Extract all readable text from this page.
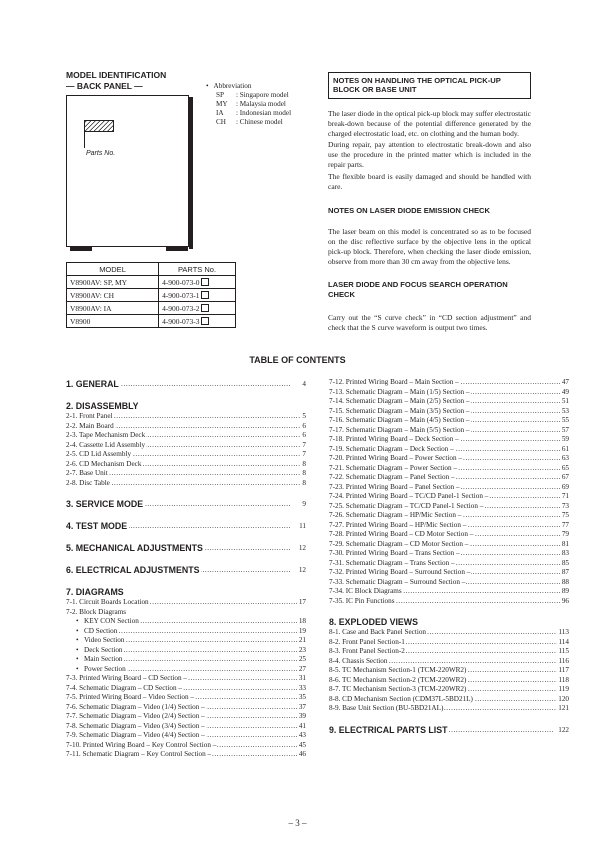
MODEL IDENTIFICATION
— BACK PANEL —
Parts No.
• Abbreviation
SP : Singapore model
MY : Malaysia model
IA : Indonesian model
CH : Chinese model
MODEL	PARTS No.
V8900AV: SP, MY	4-900-073-0
V8900AV: CH	4-900-073-1
V8900AV: IA	4-900-073-2
V8900	4-900-073-3
NOTES ON HANDLING THE OPTICAL PICK-UP BLOCK OR BASE UNIT
The laser diode in the optical pick-up block may suffer electrostatic break-down because of the potential difference generated by the charged electrostatic load, etc. on clothing and the human body.
During repair, pay attention to electrostatic break-down and also use the procedure in the printed matter which is included in the repair parts.
The flexible board is easily damaged and should be handled with care.
NOTES ON LASER DIODE EMISSION CHECK
The laser beam on this model is concentrated so as to be focused on the disc reflective surface by the objective lens in the optical pick-up block. Therefore, when checking the laser diode emission, observe from more than 30 cm away from the objective lens.
LASER DIODE AND FOCUS SEARCH OPERATION CHECK
Carry out the “S curve check” in “CD section adjustment” and check that the S curve waveform is output two times.
TABLE OF CONTENTS
1. GENERAL	4
. . .
2. DISASSEMBLY
2-1. Front Panel	5
. . .
2-2. Main Board	6
. . .
2-3. Tape Mechanism Deck	6
. . .
2-4. Cassette Lid Assembly	7
. . .
2-5. CD Lid Assembly	7
. . .
2-6. CD Mechanism Deck	8
. . .
2-7. Base Unit	8
. . .
2-8. Disc Table	8
. . .
3. SERVICE MODE	9
. . .
4. TEST MODE	11
. . .
5. MECHANICAL ADJUSTMENTS	12
. . .
6. ELECTRICAL ADJUSTMENTS	12
. . .
7. DIAGRAMS
7-1. Circuit Boards Location	17
. . .
7-2. Block Diagrams
. . .
• KEY CON Section	18
. . .
• CD Section	19
. . .
• Video Section	21
. . .
• Deck Section	23
. . .
• Main Section	25
. . .
• Power Section	27
. . .
7-3. Printed Wiring Board – CD Section –	31
. . .
7-4. Schematic Diagram – CD Section –	33
. . .
7-5. Printed Wiring Board – Video Section –	35
. . .
7-6. Schematic Diagram – Video (1/4) Section –	37
. . .
7-7. Schematic Diagram – Video (2/4) Section –	39
. . .
7-8. Schematic Diagram – Video (3/4) Section –	41
. . .
7-9. Schematic Diagram – Video (4/4) Section –	43
. . .
7-10. Printed Wiring Board – Key Control Section –	45
. . .
7-11. Schematic Diagram – Key Control Section –	46
. . .
7-12. Printed Wiring Board – Main Section –	47
. . .
7-13. Schematic Diagram – Main (1/5) Section –	49
. . .
7-14. Schematic Diagram – Main (2/5) Section –	51
. . .
7-15. Schematic Diagram – Main (3/5) Section –	53
. . .
7-16. Schematic Diagram – Main (4/5) Section –	55
. . .
7-17. Schematic Diagram – Main (5/5) Section –	57
. . .
7-18. Printed Wiring Board – Deck Section –	59
. . .
7-19. Schematic Diagram – Deck Section –	61
. . .
7-20. Printed Wiring Board – Power Section –	63
. . .
7-21. Schematic Diagram – Power Section –	65
. . .
7-22. Schematic Diagram – Panel Section –	67
. . .
7-23. Printed Wiring Board – Panel Section –	69
. . .
7-24. Printed Wiring Board – TC/CD Panel-1 Section –	71
. . .
7-25. Schematic Diagram – TC/CD Panel-1 Section –	73
. . .
7-26. Schematic Diagram – HP/Mic Section –	75
. . .
7-27. Printed Wiring Board – HP/Mic Section –	77
. . .
7-28. Printed Wiring Board – CD Motor Section –	79
. . .
7-29. Schematic Diagram – CD Motor Section –	81
. . .
7-30. Printed Wiring Board – Trans Section –	83
. . .
7-31. Schematic Diagram – Trans Section –	85
. . .
7-32. Printed Wiring Board – Surround Section –	87
. . .
7-33. Schematic Diagram – Surround Section –	88
. . .
7-34. IC Block Diagrams	89
. . .
7-35. IC Pin Functions	96
. . .
8. EXPLODED VIEWS
8-1. Case and Back Panel Section	113
. . .
8-2. Front Panel Section-1	114
. . .
8-3. Front Panel Section-2	115
. . .
8-4. Chassis Section	116
. . .
8-5. TC Mechanism Section-1 (TCM-220WR2)	117
. . .
8-6. TC Mechanism Section-2 (TCM-220WR2)	118
. . .
8-7. TC Mechanism Section-3 (TCM-220WR2)	119
. . .
8-8. CD Mechanism Section (CDM37L-5BD21L)	120
. . .
8-9. Base Unit Section (BU-5BD21AL)	121
. . .
9. ELECTRICAL PARTS LIST	122
. . .
– 3 –
